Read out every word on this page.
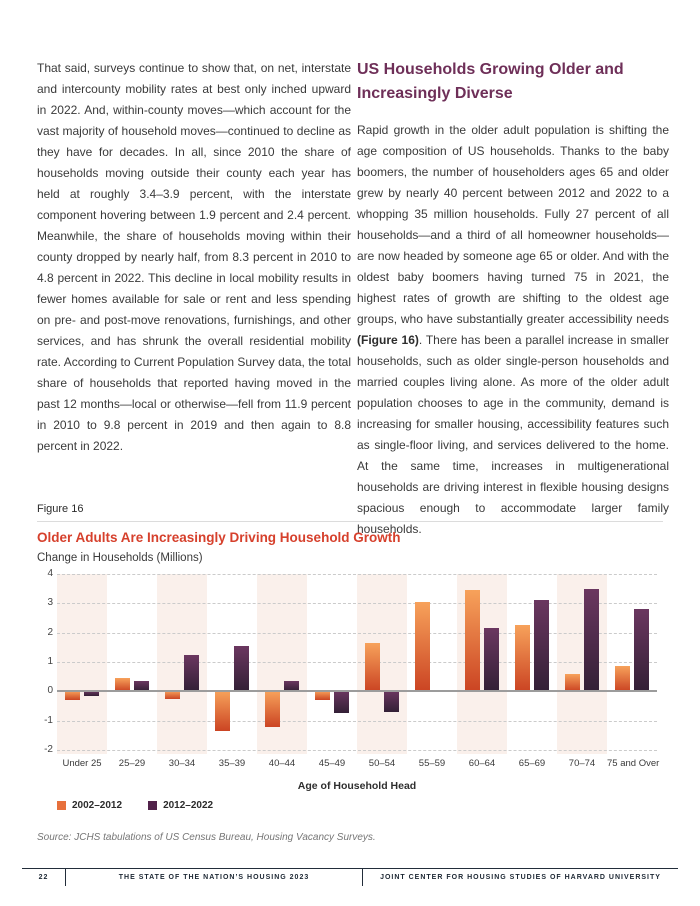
That said, surveys continue to show that, on net, interstate and intercounty mobility rates at best only inched upward in 2022. And, within-county moves—which account for the vast majority of household moves—continued to decline as they have for decades. In all, since 2010 the share of households moving outside their county each year has held at roughly 3.4–3.9 percent, with the interstate component hovering between 1.9 percent and 2.4 percent. Meanwhile, the share of households moving within their county dropped by nearly half, from 8.3 percent in 2010 to 4.8 percent in 2022. This decline in local mobility results in fewer homes available for sale or rent and less spending on pre- and post-move renovations, furnishings, and other services, and has shrunk the overall residential mobility rate. According to Current Population Survey data, the total share of households that reported having moved in the past 12 months—local or otherwise—fell from 11.9 percent in 2010 to 9.8 percent in 2019 and then again to 8.8 percent in 2022.

US Households Growing Older and Increasingly Diverse

Rapid growth in the older adult population is shifting the age composition of US households. Thanks to the baby boomers, the number of householders ages 65 and older grew by nearly 40 percent between 2012 and 2022 to a whopping 35 million households. Fully 27 percent of all households—and a third of all homeowner households—are now headed by someone age 65 or older. And with the oldest baby boomers having turned 75 in 2021, the highest rates of growth are shifting to the oldest age groups, who have substantially greater accessibility needs (Figure 16). There has been a parallel increase in smaller households, such as older single-person households and married couples living alone. As more of the older adult population chooses to age in the community, demand is increasing for smaller housing, accessibility features such as single-floor living, and services delivered to the home. At the same time, increases in multigenerational households are driving interest in flexible housing designs spacious enough to accommodate larger family households.

Figure 16
Older Adults Are Increasingly Driving Household Growth
Change in Households (Millions)
4
3
2
1
0
-1
-2
Under 25	25–29	30–34	35–39	40–44	45–49	50–54	55–59	60–64	65–69	70–74	75 and Over
Age of Household Head
2002–2012	2012–2022
Source: JCHS tabulations of US Census Bureau, Housing Vacancy Surveys.
22	THE STATE OF THE NATION’S HOUSING 2023	JOINT CENTER FOR HOUSING STUDIES OF HARVARD UNIVERSITY
